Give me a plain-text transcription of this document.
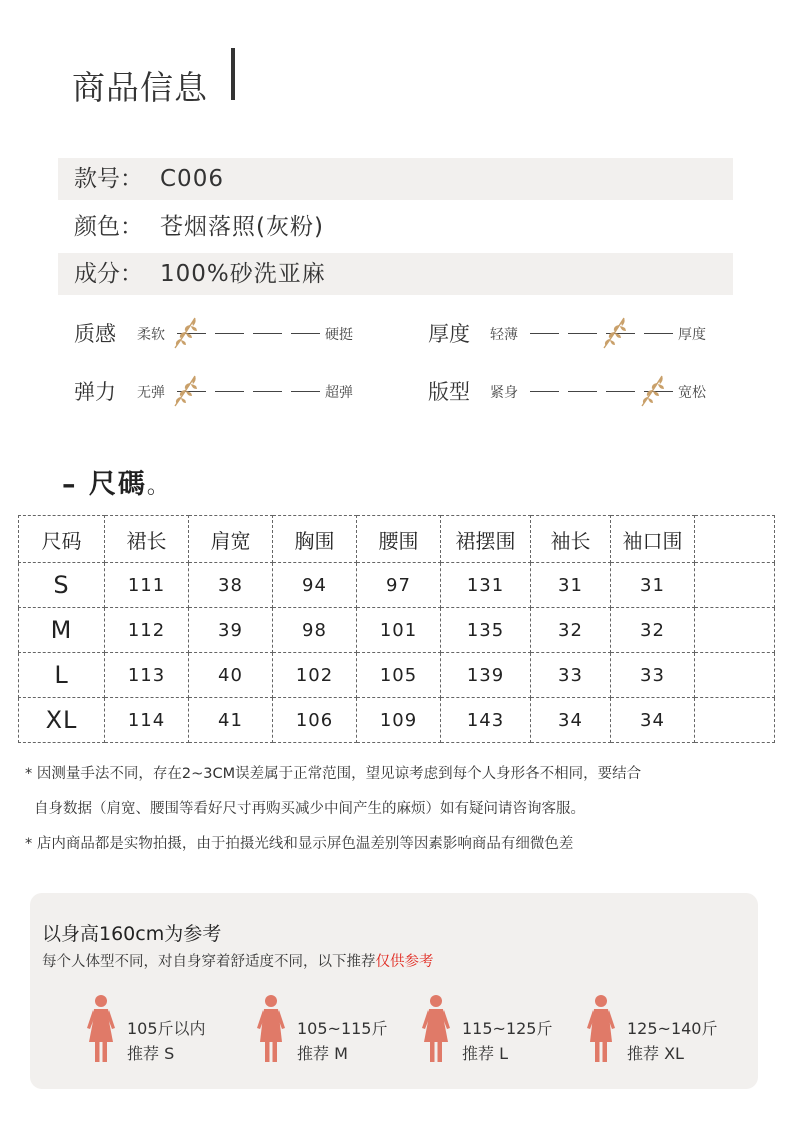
商品信息
款号： C006
颜色： 苍烟落照(灰粉)
成分： 100%砂洗亚麻
质感 柔软	硬挺	厚度 轻薄	厚度
弹力 无弹	超弹	版型 紧身	宽松
– 尺碼。
尺码	裙长	肩宽	胸围	腰围	裙摆围	袖长	袖口围	
S	111	38	94	97	131	31	31	
M	112	39	98	101	135	32	32	
L	113	40	102	105	139	33	33	
XL	114	41	106	109	143	34	34	
* 因测量手法不同，存在2~3CM误差属于正常范围，望见谅考虑到每个人身形各不相同，要结合
自身数据（肩宽、腰围等看好尺寸再购买减少中间产生的麻烦）如有疑问请咨询客服。
* 店内商品都是实物拍摄，由于拍摄光线和显示屏色温差别等因素影响商品有细微色差
以身高160cm为参考
每个人体型不同，对自身穿着舒适度不同，以下推荐仅供参考
105斤以内
推荐 S
105~115斤
推荐 M
115~125斤
推荐 L
125~140斤
推荐 XL
